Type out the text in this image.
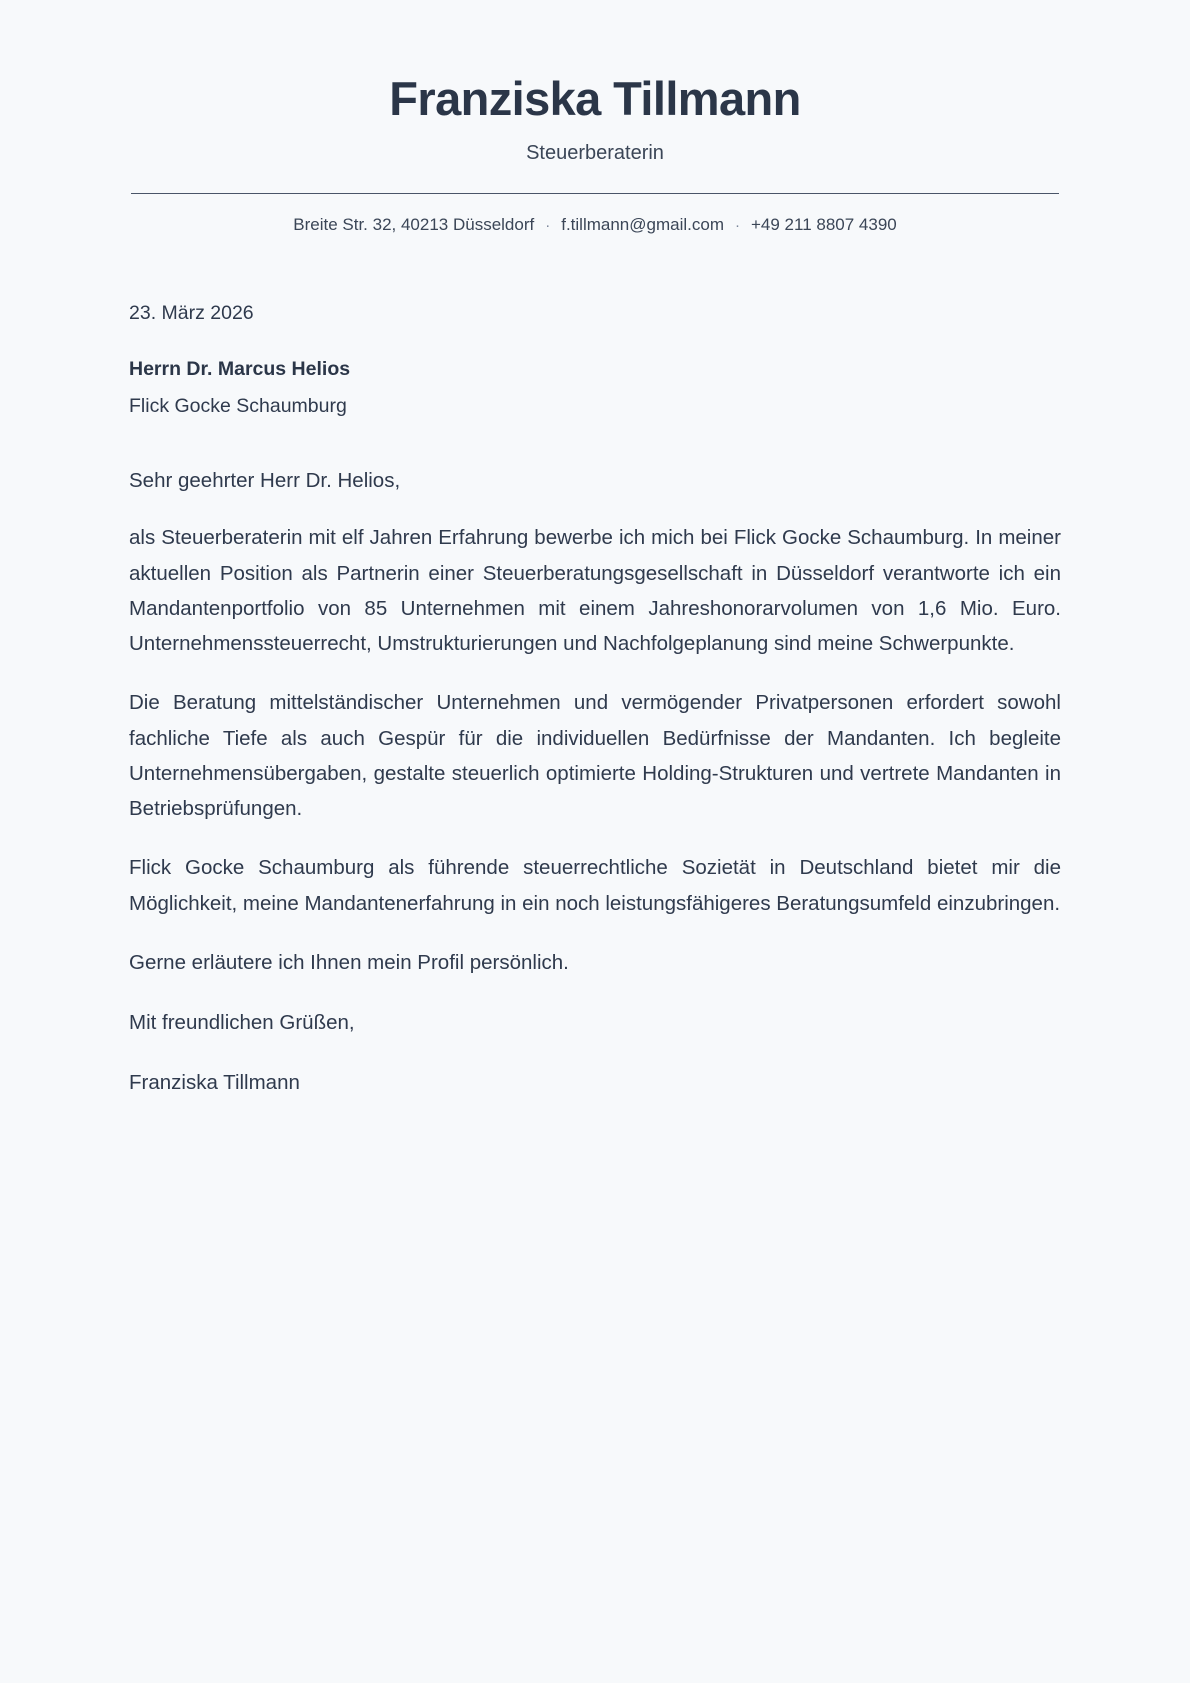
Franziska Tillmann
Steuerberaterin
Breite Str. 32, 40213 Düsseldorf · f.tillmann@gmail.com · +49 211 8807 4390
23. März 2026
Herrn Dr. Marcus Helios
Flick Gocke Schaumburg
Sehr geehrter Herr Dr. Helios,

als Steuerberaterin mit elf Jahren Erfahrung bewerbe ich mich bei Flick Gocke Schaumburg. In meiner aktuellen Position als Partnerin einer Steuerberatungsgesellschaft in Düsseldorf verantworte ich ein Mandantenportfolio von 85 Unternehmen mit einem Jahreshonorarvolumen von 1,6 Mio. Euro. Unternehmenssteuerrecht, Umstrukturierungen und Nachfolgeplanung sind meine Schwerpunkte.

Die Beratung mittelständischer Unternehmen und vermögender Privatpersonen erfordert sowohl fachliche Tiefe als auch Gespür für die individuellen Bedürfnisse der Mandanten. Ich begleite Unternehmensübergaben, gestalte steuerlich optimierte Holding-Strukturen und vertrete Mandanten in Betriebsprüfungen.

Flick Gocke Schaumburg als führende steuerrechtliche Sozietät in Deutschland bietet mir die Möglichkeit, meine Mandantenerfahrung in ein noch leistungsfähigeres Beratungsumfeld einzubringen.

Gerne erläutere ich Ihnen mein Profil persönlich.

Mit freundlichen Grüßen,
Franziska Tillmann
